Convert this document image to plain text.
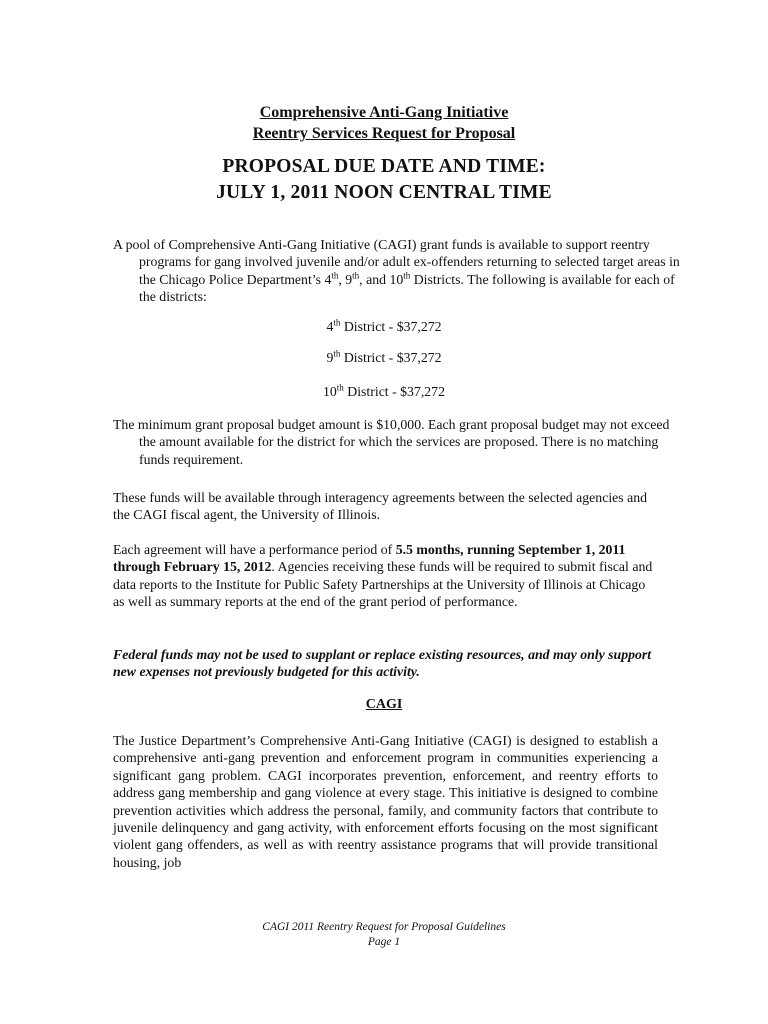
Comprehensive Anti-Gang Initiative
Reentry Services Request for Proposal
PROPOSAL DUE DATE AND TIME:
JULY 1, 2011 NOON CENTRAL TIME
A pool of Comprehensive Anti-Gang Initiative (CAGI) grant funds is available to support reentry programs for gang involved juvenile and/or adult ex-offenders returning to selected target areas in the Chicago Police Department’s 4th, 9th, and 10th Districts. The following is available for each of the districts:
4th District - $37,272
9th District - $37,272
10th District - $37,272
The minimum grant proposal budget amount is $10,000. Each grant proposal budget may not exceed the amount available for the district for which the services are proposed. There is no matching funds requirement.
These funds will be available through interagency agreements between the selected agencies and the CAGI fiscal agent, the University of Illinois.
Each agreement will have a performance period of 5.5 months, running September 1, 2011 through February 15, 2012. Agencies receiving these funds will be required to submit fiscal and data reports to the Institute for Public Safety Partnerships at the University of Illinois at Chicago as well as summary reports at the end of the grant period of performance.
Federal funds may not be used to supplant or replace existing resources, and may only support new expenses not previously budgeted for this activity.
CAGI
The Justice Department’s Comprehensive Anti-Gang Initiative (CAGI) is designed to establish a comprehensive anti-gang prevention and enforcement program in communities experiencing a significant gang problem. CAGI incorporates prevention, enforcement, and reentry efforts to address gang membership and gang violence at every stage. This initiative is designed to combine prevention activities which address the personal, family, and community factors that contribute to juvenile delinquency and gang activity, with enforcement efforts focusing on the most significant violent gang offenders, as well as with reentry assistance programs that will provide transitional housing, job
CAGI 2011 Reentry Request for Proposal Guidelines
Page 1
